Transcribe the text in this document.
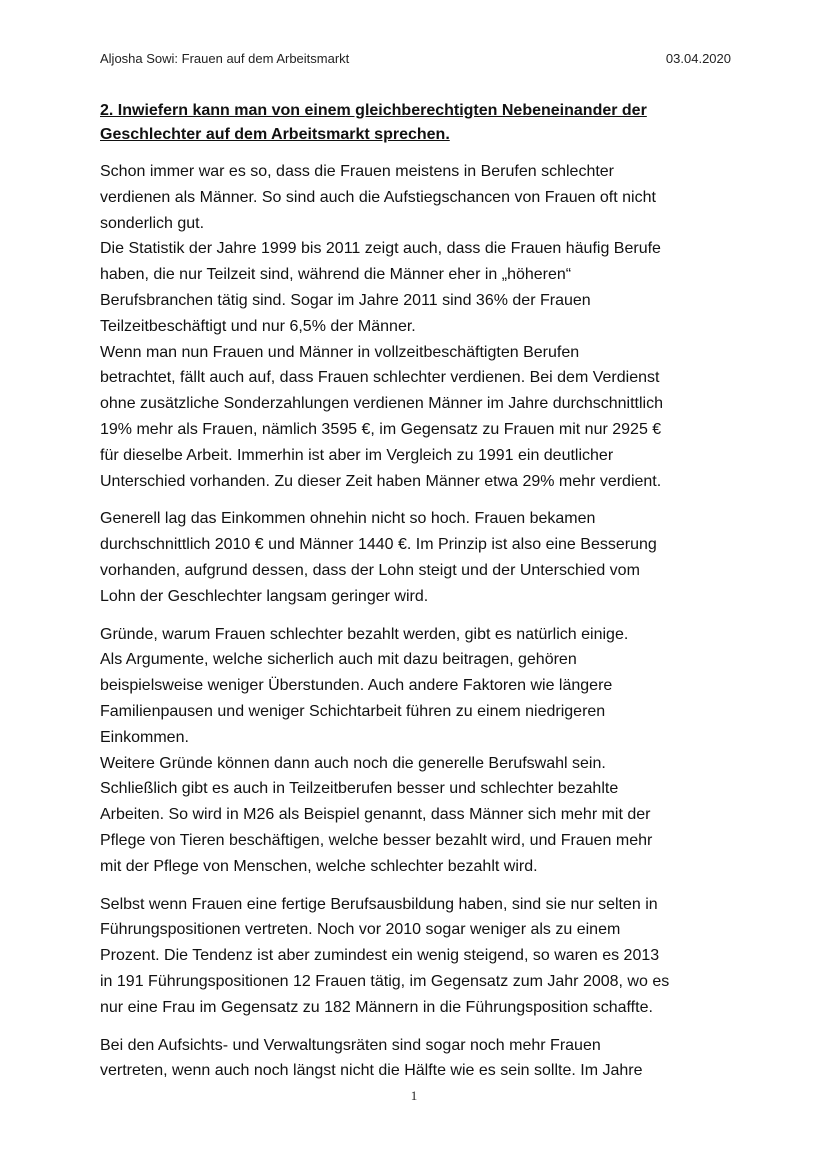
Aljosha Sowi: Frauen auf dem Arbeitsmarkt	03.04.2020
2. Inwiefern kann man von einem gleichberechtigten Nebeneinander der
Geschlechter auf dem Arbeitsmarkt sprechen.

Schon immer war es so, dass die Frauen meistens in Berufen schlechter
verdienen als Männer. So sind auch die Aufstiegschancen von Frauen oft nicht
sonderlich gut.
Die Statistik der Jahre 1999 bis 2011 zeigt auch, dass die Frauen häufig Berufe
haben, die nur Teilzeit sind, während die Männer eher in „höheren“
Berufsbranchen tätig sind. Sogar im Jahre 2011 sind 36% der Frauen
Teilzeitbeschäftigt und nur 6,5% der Männer.
Wenn man nun Frauen und Männer in vollzeitbeschäftigten Berufen
betrachtet, fällt auch auf, dass Frauen schlechter verdienen. Bei dem Verdienst
ohne zusätzliche Sonderzahlungen verdienen Männer im Jahre durchschnittlich
19% mehr als Frauen, nämlich 3595 €, im Gegensatz zu Frauen mit nur 2925 €
für dieselbe Arbeit. Immerhin ist aber im Vergleich zu 1991 ein deutlicher
Unterschied vorhanden. Zu dieser Zeit haben Männer etwa 29% mehr verdient.

Generell lag das Einkommen ohnehin nicht so hoch. Frauen bekamen
durchschnittlich 2010 € und Männer 1440 €. Im Prinzip ist also eine Besserung
vorhanden, aufgrund dessen, dass der Lohn steigt und der Unterschied vom
Lohn der Geschlechter langsam geringer wird.

Gründe, warum Frauen schlechter bezahlt werden, gibt es natürlich einige.
Als Argumente, welche sicherlich auch mit dazu beitragen, gehören
beispielsweise weniger Überstunden. Auch andere Faktoren wie längere
Familienpausen und weniger Schichtarbeit führen zu einem niedrigeren
Einkommen.
Weitere Gründe können dann auch noch die generelle Berufswahl sein.
Schließlich gibt es auch in Teilzeitberufen besser und schlechter bezahlte
Arbeiten. So wird in M26 als Beispiel genannt, dass Männer sich mehr mit der
Pflege von Tieren beschäftigen, welche besser bezahlt wird, und Frauen mehr
mit der Pflege von Menschen, welche schlechter bezahlt wird.

Selbst wenn Frauen eine fertige Berufsausbildung haben, sind sie nur selten in
Führungspositionen vertreten. Noch vor 2010 sogar weniger als zu einem
Prozent. Die Tendenz ist aber zumindest ein wenig steigend, so waren es 2013
in 191 Führungspositionen 12 Frauen tätig, im Gegensatz zum Jahr 2008, wo es
nur eine Frau im Gegensatz zu 182 Männern in die Führungsposition schaffte.

Bei den Aufsichts- und Verwaltungsräten sind sogar noch mehr Frauen
vertreten, wenn auch noch längst nicht die Hälfte wie es sein sollte. Im Jahre

1
